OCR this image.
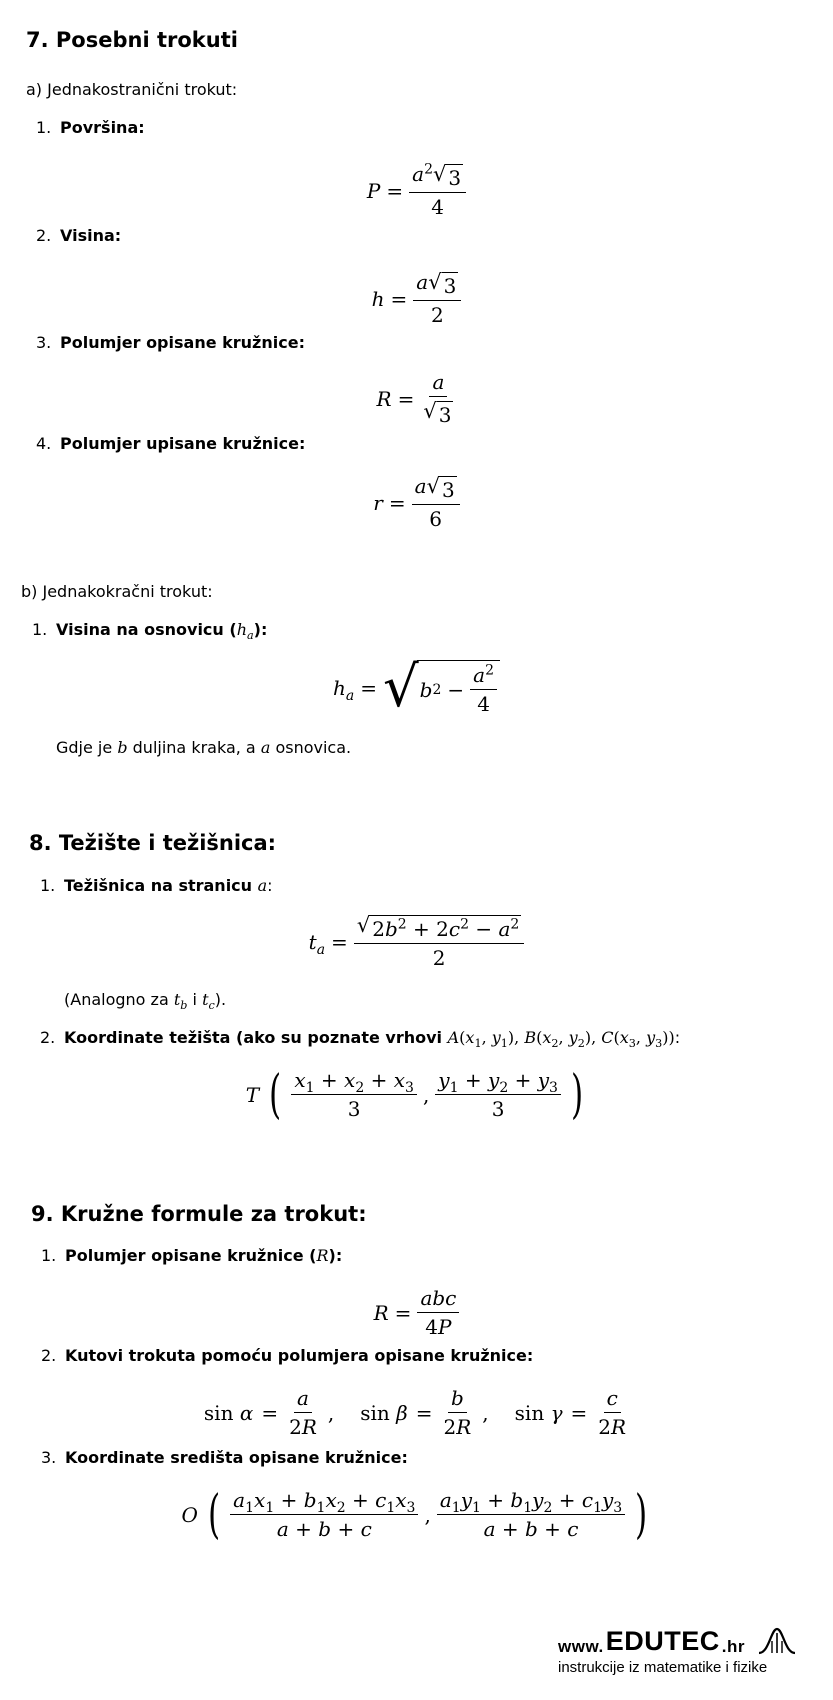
7. Posebni trokuti

a) Jednakostranični trokut:

1. Površina:
$P = \frac{a^2 √ 3}{4}$
2. Visina:
$h = \frac{a √ 3}{2}$
3. Polumjer opisane kružnice:
$R = \frac{a}{√ 3}$
4. Polumjer upisane kružnice:
$r = \frac{a √ 3}{6}$

b) Jednakokračni trokut:

1. Visina na osnovicu $(h_a)$:
$h_a$ = √ b $2 - \frac{a^2}{4}$
Gdje je b duljina kraka, a a osnovica.
8. Težište i težišnica:
1. Težišnica na stranicu a:
$t_a = \frac{√ 2b^2 + 2c^2 - a^2}{2}$
(Analogno za $t_b$ i $t_c$).
2. Koordinate težišta (ako su poznate vrhovi $A(x_1$, $y_1$), $B(x_2$, $y_2$), $C(x_3$, $y_3$)):
T ( $\frac{x_1 + x_2 + x_3}{3}$ , $\frac{y_1 + y_2 + y_3}{3}$ )
9. Kružne formule za trokut:
1. Polumjer opisane kružnice (R):
$R = \frac{\text{abc}}{4P}$
2. Kutovi trokuta pomoću polumjera opisane kružnice:
$\sin \alpha = \frac{a}{2R}$ , $\sin \beta = \frac{b}{2R}$ , $\sin \gamma = \frac{c}{2R}$
3. Koordinate središta opisane kružnice:
O ( $\frac{a_1x_1 + b_1x_2 + c_1x_3}{a + b + c}$ , $\frac{a_1y_1 + b_1y_2 + c_1y_3}{a + b + c}$ )
www. EDUTEC .hr
instrukcije iz matematike i fizike
